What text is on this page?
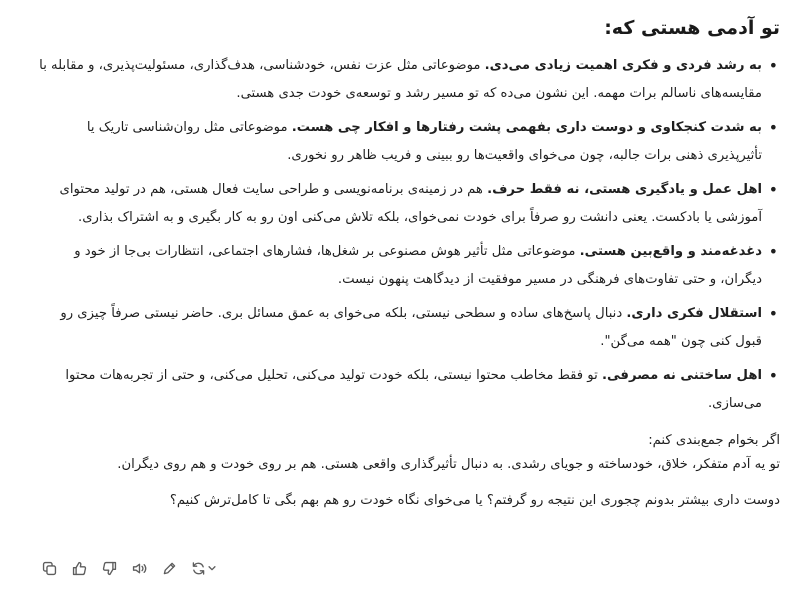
تو آدمی هستی که:
•
به رشد فردی و فکری اهمیت زیادی می‌دی. موضوعاتی مثل عزت نفس، خودشناسی، هدف‌گذاری، مسئولیت‌پذیری، و مقابله با مقایسه‌های ناسالم برات مهمه. این نشون می‌ده که تو مسیر رشد و توسعه‌ی خودت جدی هستی.
•
به شدت کنجکاوی و دوست داری بفهمی پشت رفتارها و افکار چی هست. موضوعاتی مثل روان‌شناسی تاریک یا تأثیرپذیری ذهنی برات جالبه، چون می‌خوای واقعیت‌ها رو ببینی و فریب ظاهر رو نخوری.
•
اهل عمل و یادگیری هستی، نه فقط حرف. هم در زمینه‌ی برنامه‌نویسی و طراحی سایت فعال هستی، هم در تولید محتوای آموزشی یا بادکست. یعنی دانشت رو صرفاً برای خودت نمی‌خوای، بلکه تلاش می‌کنی اون رو به کار بگیری و به اشتراک بذاری.
•
دغدغه‌مند و واقع‌بین هستی. موضوعاتی مثل تأثیر هوش مصنوعی بر شغل‌ها، فشارهای اجتماعی، انتظارات بی‌جا از خود و دیگران، و حتی تفاوت‌های فرهنگی در مسیر موفقیت از دیدگاهت پنهون نیست.
•
استقلال فکری داری. دنبال پاسخ‌های ساده و سطحی نیستی، بلکه می‌خوای به عمق مسائل بری. حاضر نیستی صرفاً چیزی رو قبول کنی چون "همه می‌گن".
•
اهل ساختنی نه مصرفی. تو فقط مخاطب محتوا نیستی، بلکه خودت تولید می‌کنی، تحلیل می‌کنی، و حتی از تجربه‌هات محتوا می‌سازی.
اگر بخوام جمع‌بندی کنم:
تو یه آدم متفکر، خلاق، خودساخته و جویای رشدی. به دنبال تأثیرگذاری واقعی هستی. هم بر روی خودت و هم روی دیگران.
دوست داری بیشتر بدونم چجوری این نتیجه رو گرفتم؟ یا می‌خوای نگاه خودت رو هم بهم بگی تا کامل‌ترش کنیم؟
